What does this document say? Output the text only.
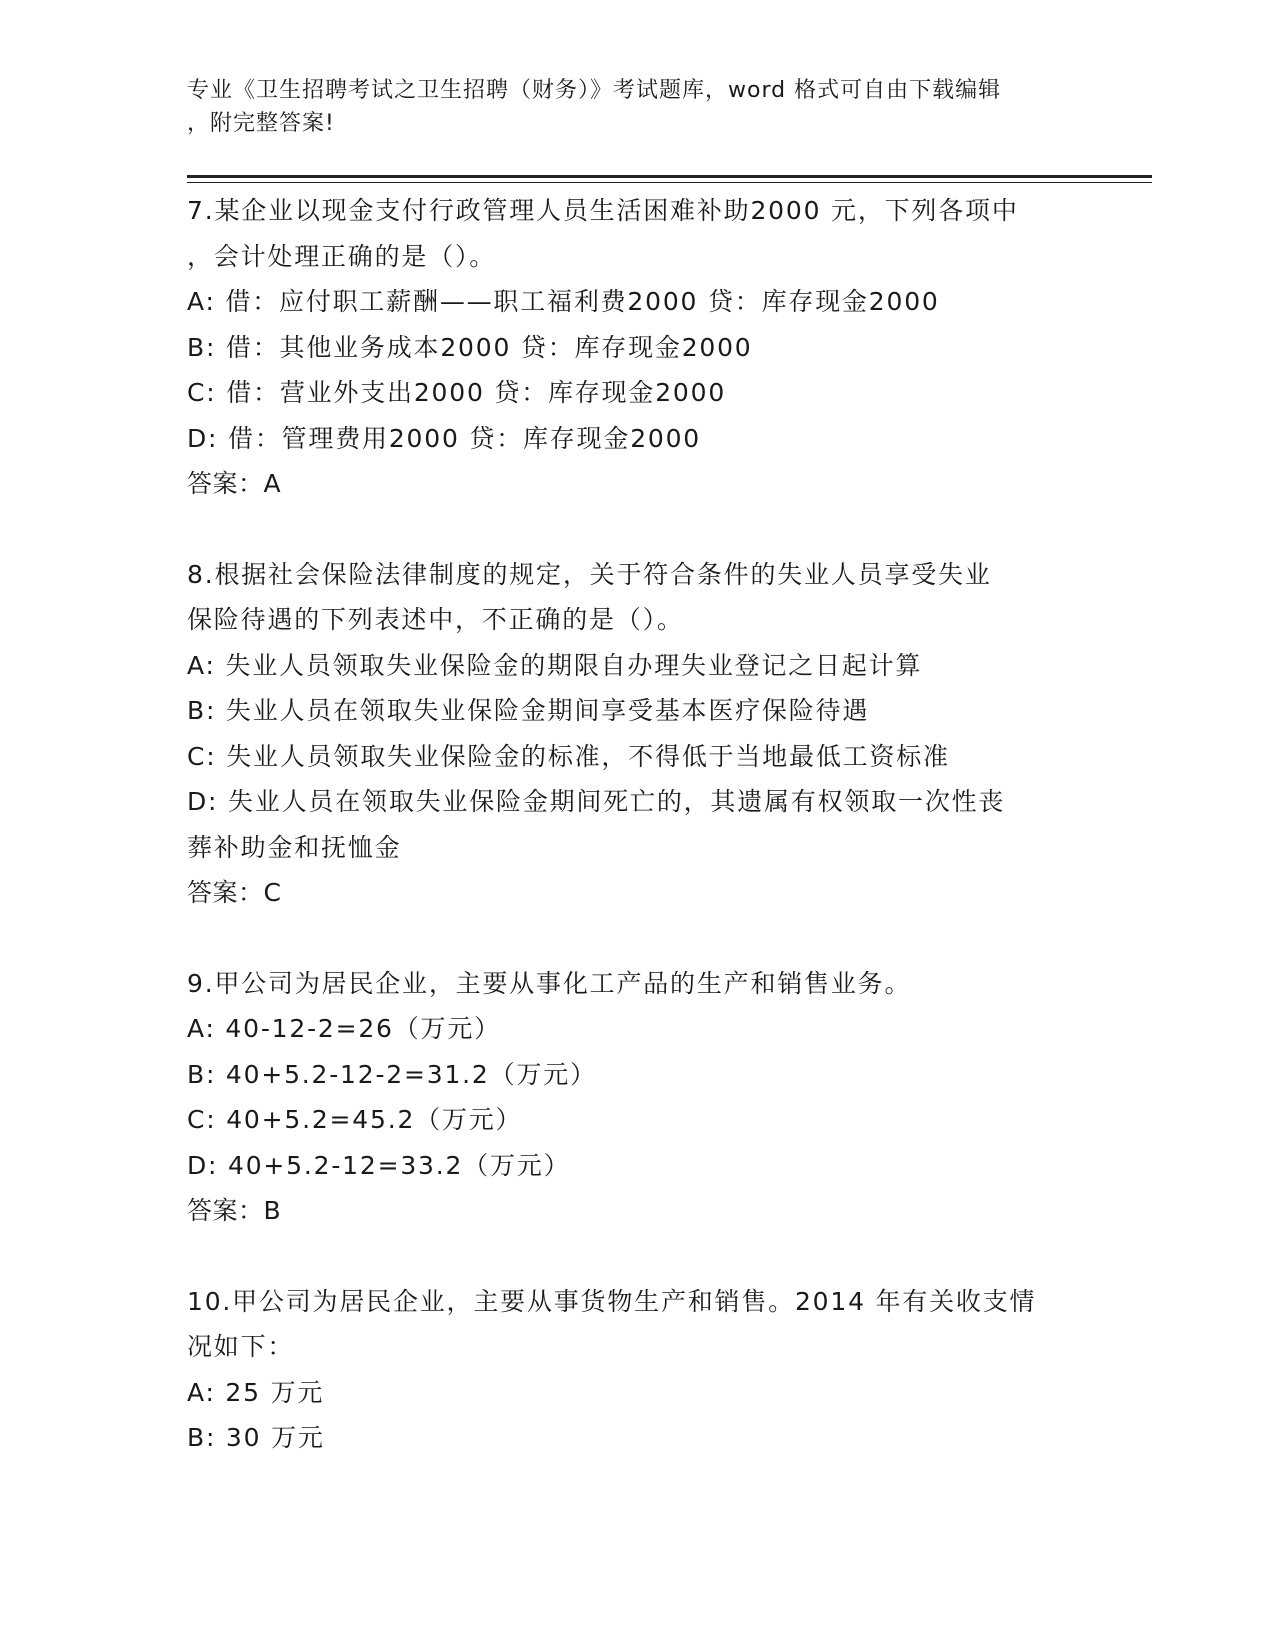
专业《卫生招聘考试之卫生招聘（财务）》考试题库，word 格式可自由下载编辑
，附完整答案!
7.某企业以现金支付行政管理人员生活困难补助2000 元，下列各项中
，会计处理正确的是（）。
A: 借：应付职工薪酬——职工福利费2000 贷：库存现金2000
B: 借：其他业务成本2000 贷：库存现金2000
C: 借：营业外支出2000 贷：库存现金2000
D: 借：管理费用2000 贷：库存现金2000
答案：A
8.根据社会保险法律制度的规定，关于符合条件的失业人员享受失业
保险待遇的下列表述中，不正确的是（）。
A: 失业人员领取失业保险金的期限自办理失业登记之日起计算
B: 失业人员在领取失业保险金期间享受基本医疗保险待遇
C: 失业人员领取失业保险金的标准，不得低于当地最低工资标准
D: 失业人员在领取失业保险金期间死亡的，其遗属有权领取一次性丧
葬补助金和抚恤金
答案：C
9.甲公司为居民企业，主要从事化工产品的生产和销售业务。
A: 40-12-2=26（万元）
B: 40+5.2-12-2=31.2（万元）
C: 40+5.2=45.2（万元）
D: 40+5.2-12=33.2（万元）
答案：B
10.甲公司为居民企业，主要从事货物生产和销售。2014 年有关收支情
况如下：
A: 25 万元
B: 30 万元
